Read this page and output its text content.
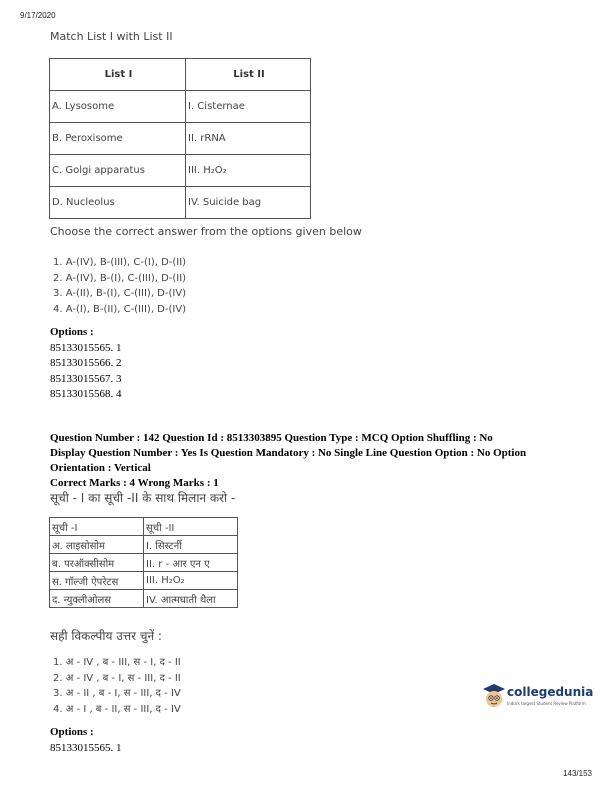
9/17/2020
Match List I with List II
List I	List II
A. Lysosome	I. Cisternae
B. Peroxisome	II. rRNA
C. Golgi apparatus	III. H₂O₂
D. Nucleolus	IV. Suicide bag
Choose the correct answer from the options given below
1. A-(IV), B-(III), C-(I), D-(II)
2. A-(IV), B-(I), C-(III), D-(II)
3. A-(II), B-(I), C-(III), D-(IV)
4. A-(I), B-(II), C-(III), D-(IV)
Options :
85133015565. 1
85133015566. 2
85133015567. 3
85133015568. 4
Question Number : 142 Question Id : 8513303895 Question Type : MCQ Option Shuffling : No
Display Question Number : Yes Is Question Mandatory : No Single Line Question Option : No Option
Orientation : Vertical
Correct Marks : 4 Wrong Marks : 1
सूची - I का सूची -II के साथ मिलान करो -
सूची -I	सूची -II
अ. लाइसोसोम	I. सिस्टर्नी
ब. परऑक्सीसोम	II. r - आर एन ए
स. गॉल्जी ऐपरेटस	III. H₂O₂
द. न्युक्लीओलस	IV. आत्मघाती थैला
सही विकल्पीय उत्तर चुनें :
1. अ - IV , ब - III, स - I, द - II
2. अ - IV , ब - I, स - III, द - II
3. अ - II , ब - I, स - III, द - IV
4. अ - I , ब - II, स - III, द - IV
Options :
85133015565. 1
collegedunia
India's largest Student Review Platform
143/153
